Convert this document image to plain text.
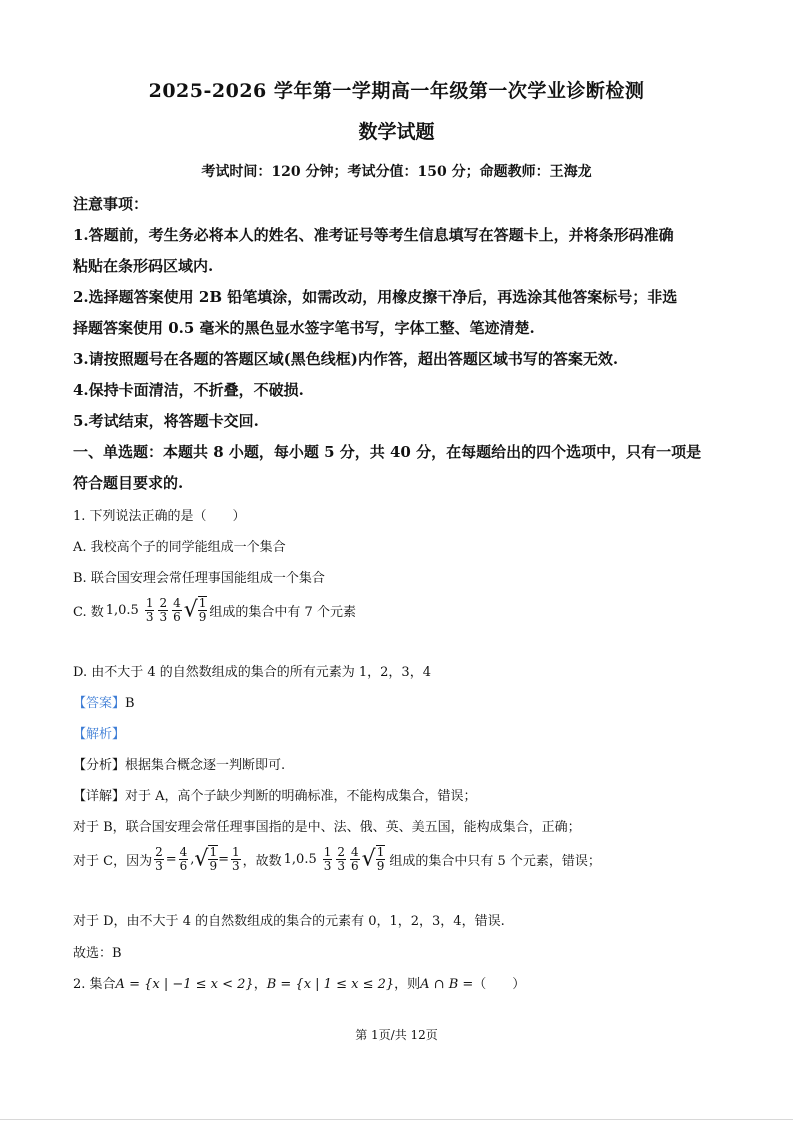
2025-2026 学年第一学期高一年级第一次学业诊断检测
数学试题
考试时间：120 分钟；考试分值：150 分；命题教师：王海龙
注意事项：
1.答题前，考生务必将本人的姓名、准考证号等考生信息填写在答题卡上，并将条形码准确
粘贴在条形码区域内.
2.选择题答案使用 2B 铅笔填涂，如需改动，用橡皮擦干净后，再选涂其他答案标号；非选
择题答案使用 0.5 毫米的黑色显水签字笔书写，字体工整、笔迹清楚.
3.请按照题号在各题的答题区域(黑色线框)内作答，超出答题区域书写的答案无效.
4.保持卡面清洁，不折叠，不破损.
5.考试结束，将答题卡交回.
一、单选题：本题共 8 小题，每小题 5 分，共 40 分，在每题给出的四个选项中，只有一项是
符合题目要求的.
1. 下列说法正确的是（　　）
A. 我校高个子的同学能组成一个集合
B. 联合国安理会常任理事国能组成一个集合
C. 数 $1,0.5 \frac{1}{3} \frac{2}{3} \frac{4}{6}$ √ $\frac{1}{9}$ 组成的集合中有 7 个元素
D. 由不大于 4 的自然数组成的集合的所有元素为 1，2，3，4
【答案】B
【解析】
【分析】根据集合概念逐一判断即可.
【详解】对于 A，高个子缺少判断的明确标准，不能构成集合，错误；
对于 B，联合国安理会常任理事国指的是中、法、俄、英、美五国，能构成集合，正确；
对于 C，因为 $\frac{2}{3} = \frac{4}{6}$ , √ $\frac{1}{9} = \frac{1}{3}$ ，故数 $1,0.5 \frac{1}{3} \frac{2}{3} \frac{4}{6}$ √ $\frac{1}{9}$ 组成的集合中只有 5 个元素，错误；
对于 D，由不大于 4 的自然数组成的集合的元素有 0，1，2，3，4，错误.
故选：B
2. 集合A = {x | −1 ≤ x < 2}，B = {x | 1 ≤ x ≤ 2}，则A ∩ B =（　　）
第 1页/共 12页
